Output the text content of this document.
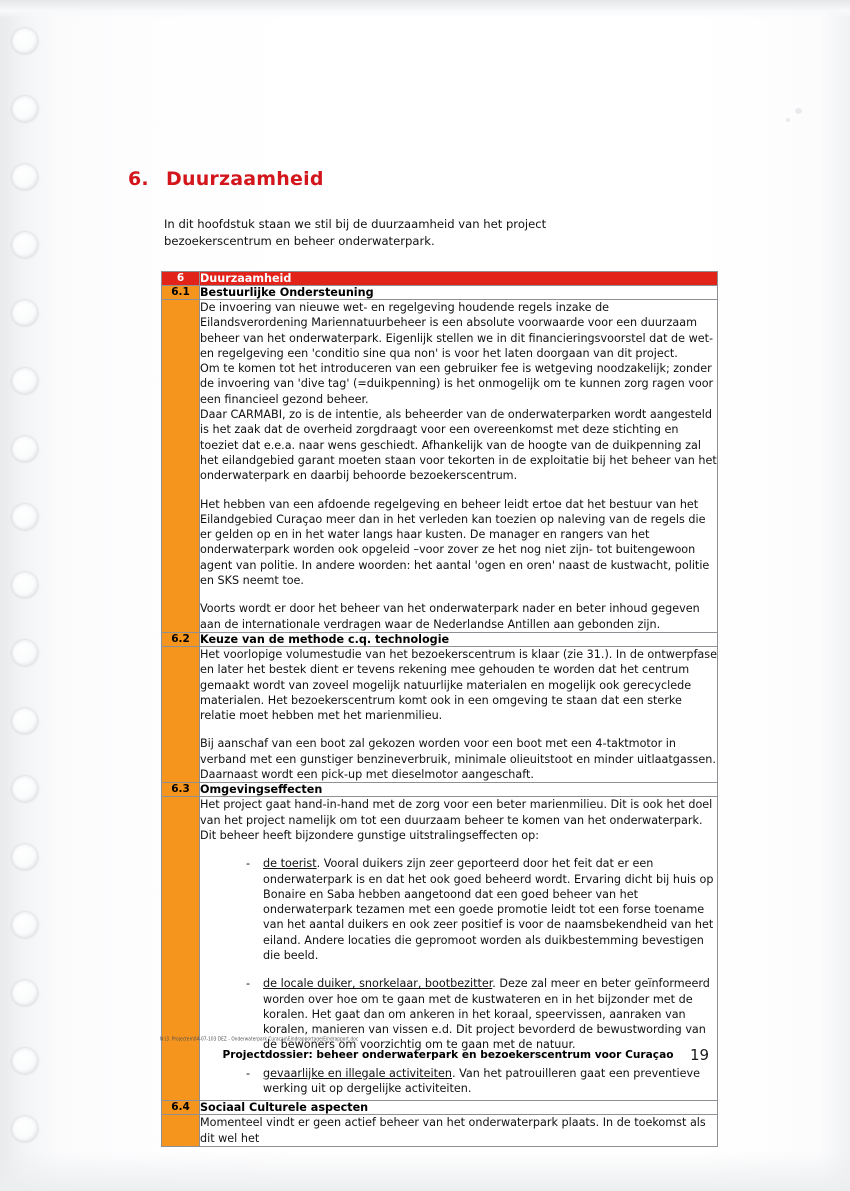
6. Duurzaamheid
In dit hoofdstuk staan we stil bij de duurzaamheid van het project
bezoekerscentrum en beheer onderwaterpark.
6	Duurzaamheid
6.1	Bestuurlijke Ondersteuning

	De invoering van nieuwe wet- en regelgeving houdende regels inzake de Eilandsverordening Mariennatuurbeheer is een absolute voorwaarde voor een duurzaam beheer van het onderwaterpark. Eigenlijk stellen we in dit financieringsvoorstel dat de wet- en regelgeving een 'conditio sine qua non' is voor het laten doorgaan van dit project.

Om te komen tot het introduceren van een gebruiker fee is wetgeving noodzakelijk; zonder de invoering van 'dive tag' (=duikpenning) is het onmogelijk om te kunnen zorg ragen voor een financieel gezond beheer.

Daar CARMABI, zo is de intentie, als beheerder van de onderwaterparken wordt aangesteld is het zaak dat de overheid zorgdraagt voor een overeenkomst met deze stichting en toeziet dat e.e.a. naar wens geschiedt. Afhankelijk van de hoogte van de duikpenning zal het eilandgebied garant moeten staan voor tekorten in de exploitatie bij het beheer van het onderwaterpark en daarbij behoorde bezoekerscentrum.

Het hebben van een afdoende regelgeving en beheer leidt ertoe dat het bestuur van het Eilandgebied Curaçao meer dan in het verleden kan toezien op naleving van de regels die er gelden op en in het water langs haar kusten. De manager en rangers van het onderwaterpark worden ook opgeleid –voor zover ze het nog niet zijn- tot buitengewoon agent van politie. In andere woorden: het aantal 'ogen en oren' naast de kustwacht, politie en SKS neemt toe.

Voorts wordt er door het beheer van het onderwaterpark nader en beter inhoud gegeven aan de internationale verdragen waar de Nederlandse Antillen aan gebonden zijn.

6.2	Keuze van de methode c.q. technologie

	Het voorlopige volumestudie van het bezoekerscentrum is klaar (zie 31.). In de ontwerpfase en later het bestek dient er tevens rekening mee gehouden te worden dat het centrum gemaakt wordt van zoveel mogelijk natuurlijke materialen en mogelijk ook gerecyclede materialen. Het bezoekerscentrum komt ook in een omgeving te staan dat een sterke relatie moet hebben met het marienmilieu.

Bij aanschaf van een boot zal gekozen worden voor een boot met een 4-taktmotor in verband met een gunstiger benzineverbruik, minimale olieuitstoot en minder uitlaatgassen. Daarnaast wordt een pick-up met dieselmotor aangeschaft.

6.3	Omgevingseffecten

Het project gaat hand-in-hand met de zorg voor een beter marienmilieu. Dit is ook het doel van het project namelijk om tot een duurzaam beheer te komen van het onderwaterpark.

Dit beheer heeft bijzondere gunstige uitstralingseffecten op:

- de toerist. Vooral duikers zijn zeer geporteerd door het feit dat er een onderwaterpark is en dat het ook goed beheerd wordt. Ervaring dicht bij huis op Bonaire en Saba hebben aangetoond dat een goed beheer van het onderwaterpark tezamen met een goede promotie leidt tot een forse toename van het aantal duikers en ook zeer positief is voor de naamsbekendheid van het eiland. Andere locaties die gepromoot worden als duikbestemming bevestigen die beeld.
- de locale duiker, snorkelaar, bootbezitter. Deze zal meer en beter geïnformeerd worden over hoe om te gaan met de kustwateren en in het bijzonder met de koralen. Het gaat dan om ankeren in het koraal, speervissen, aanraken van koralen, manieren van vissen e.d. Dit project bevorderd de bewustwording van de bewoners om voorzichtig om te gaan met de natuur.
- gevaarlijke en illegale activiteiten. Van het patrouilleren gaat een preventieve werking uit op dergelijke activiteiten.

6.4	Sociaal Culturele aspecten

	Momenteel vindt er geen actief beheer van het onderwaterpark plaats. In de toekomst als dit wel het

N:\3. Projecten\04-07-103 DEZ - Onderwaterpark Curacao\Eindrapportage\Eindrapport.doc
Projectdossier: beheer onderwaterpark en bezoekerscentrum voor Curaçao	19
